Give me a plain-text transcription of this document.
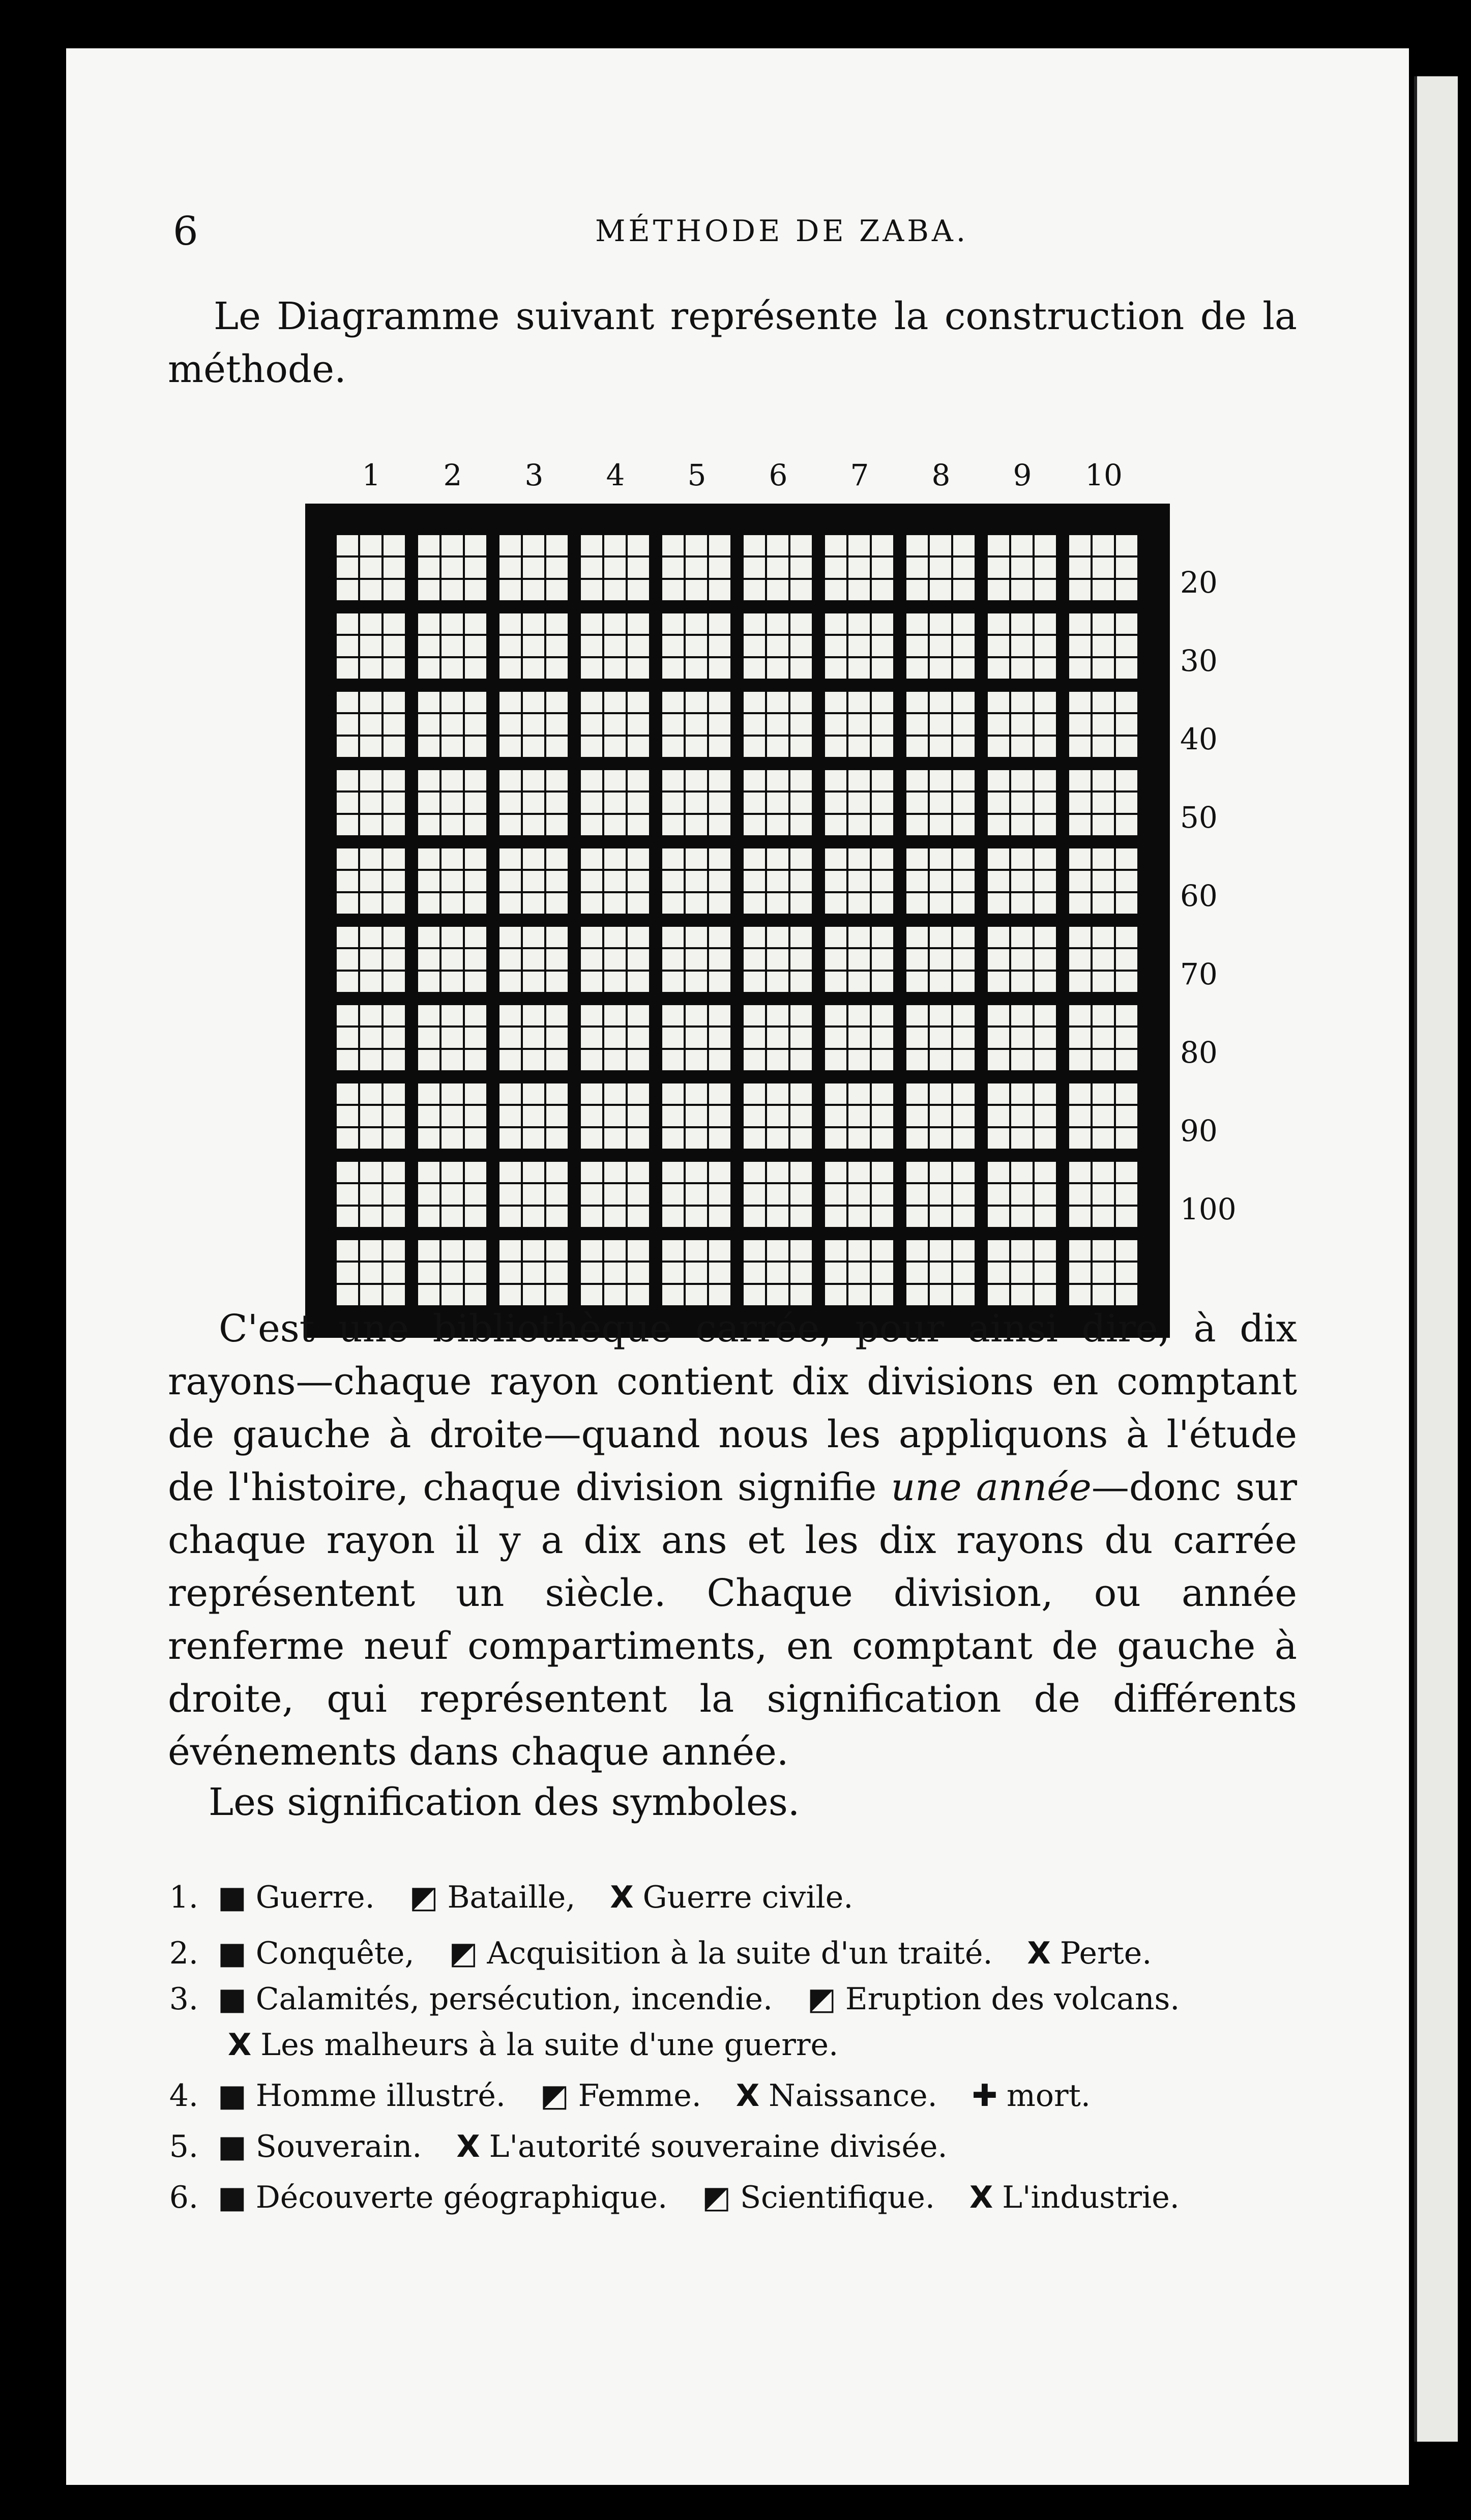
6	MÉTHODE DE ZABA.
Le Diagramme suivant représente la construction de la méthode.
1 2 3 4 5 6 7 8 9 10
20
30
40
50
60
70
80
90
100
C'est une bibliothèque carrée, pour ainsi dire, à dix rayons—chaque rayon contient dix divisions en comptant de gauche à droite—quand nous les appliquons à l'étude de l'histoire, chaque division signifie une année—donc sur chaque rayon il y a dix ans et les dix rayons du carrée représentent un siècle. Chaque division, ou année renferme neuf compartiments, en comptant de gauche à droite, qui représentent la signification de différents événements dans chaque année.
Les signification des symboles.
1. ■ Guerre. ◩ Bataille, X Guerre civile.
2. ■ Conquête, ◩ Acquisition à la suite d'un traité. X Perte.
3. ■ Calamités, persécution, incendie. ◩ Eruption des volcans.
4. ■ Homme illustré. ◩ Femme. X Naissance. ✚ mort.
5. ■ Souverain. X L'autorité souveraine divisée.
6. ■ Découverte géographique. ◩ Scientifique. X L'industrie.
X Les malheurs à la suite d'une guerre.
